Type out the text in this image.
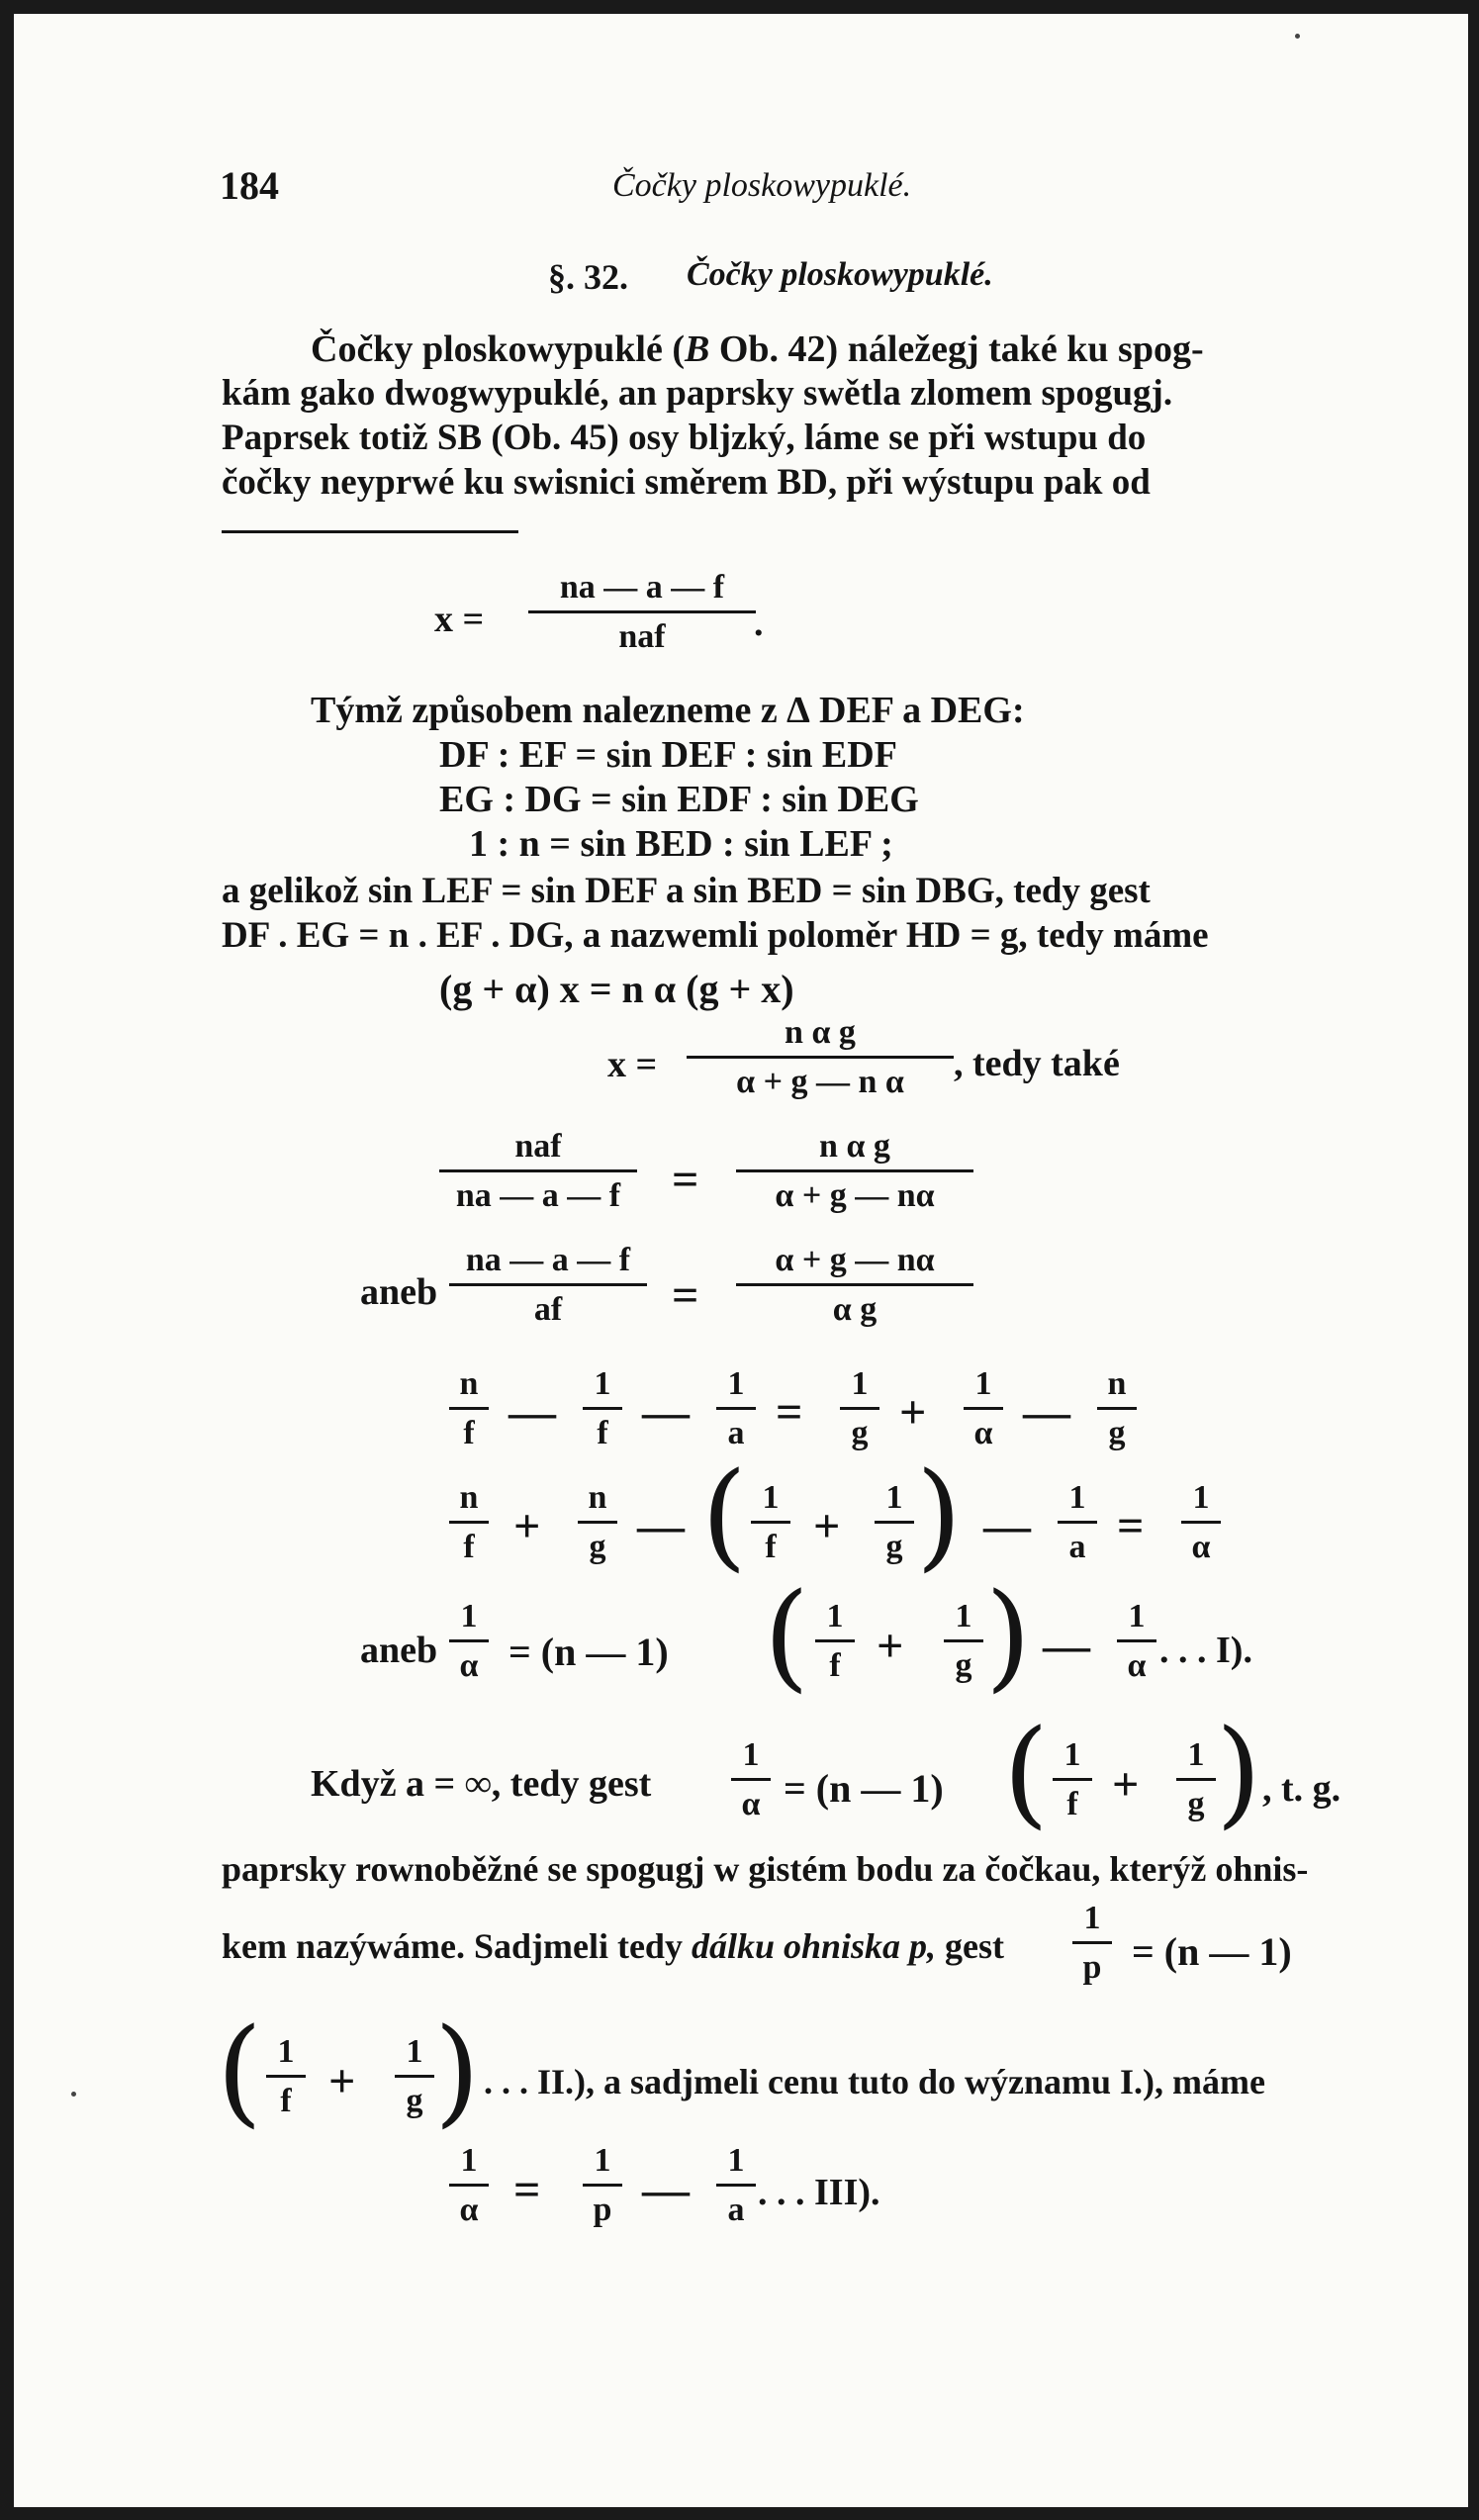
184	Čočky ploskowypuklé.
§. 32. Čočky ploskowypuklé.
Čočky ploskowypuklé (B Ob. 42) náležegj také ku spog-
kám gako dwogwypuklé, an paprsky swětla zlomem spogugj.
Paprsek totiž SB (Ob. 45) osy bljzký, láme se při wstupu do
čočky neyprwé ku swisnici směrem BD, při wýstupu pak od
x =
na — a — f
naf	.
Týmž způsobem nalezneme z ∆ DEF a DEG:
DF : EF = sin DEF : sin EDF
EG : DG = sin EDF : sin DEG
1 : n = sin BED : sin LEF ;
a gelikož sin LEF = sin DEF a sin BED = sin DBG, tedy gest
DF . EG = n . EF . DG, a nazwemli poloměr HD = g, tedy máme
(g + α) x = n α (g + x)
x =
n α g
α + g — n α	, tedy také
naf
na — a — f	=
n α g
α + g — nα
aneb
na — a — f
af	=
α + g — nα
α g
n
f —
1
f —
1
a =
1
g +
1
α —
n
g
n
f +
n
g — ( 1
f +
1
g ) —
1
a =
1
α
aneb
1
α = (n — 1) ( 1
f +
1
g ) —
1
α . . . I).
Když a = ∞, tedy gest
1
α = (n — 1) ( 1
f +
1
g ) , t. g.
paprsky rownoběžné se spogugj w gistém bodu za čočkau, kterýž ohnis-
kem nazýwáme. Sadjmeli tedy dálku ohniska p, gest
1
p = (n — 1)
( 1
f +
1
g ) . . . II.), a sadjmeli cenu tuto do wýznamu I.), máme
1
α =
1
p —
1
a . . . III).
